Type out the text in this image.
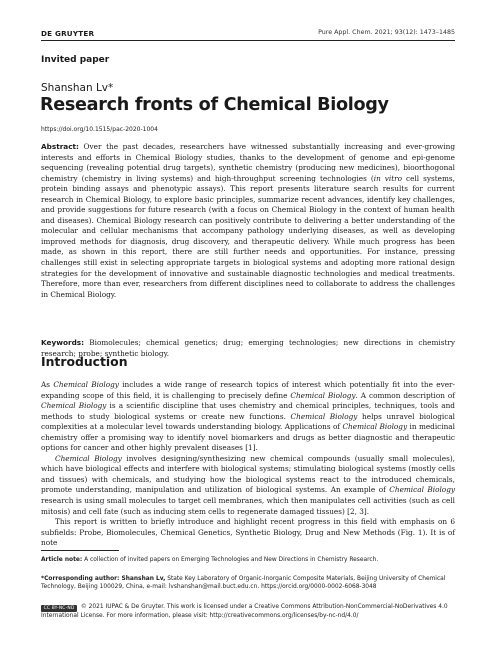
DE GRUYTER	Pure Appl. Chem. 2021; 93(12): 1473–1485
Invited paper
Shanshan Lv*
Research fronts of Chemical Biology
https://doi.org/10.1515/pac-2020-1004
Abstract: Over the past decades, researchers have witnessed substantially increasing and ever-growing interests and efforts in Chemical Biology studies, thanks to the development of genome and epi-genome sequencing (revealing potential drug targets), synthetic chemistry (producing new medicines), bioorthogonal chemistry (chemistry in living systems) and high-throughput screening technologies (in vitro cell systems, protein binding assays and phenotypic assays). This report presents literature search results for current research in Chemical Biology, to explore basic principles, summarize recent advances, identify key challenges, and provide suggestions for future research (with a focus on Chemical Biology in the context of human health and diseases). Chemical Biology research can positively contribute to delivering a better understanding of the molecular and cellular mechanisms that accompany pathology underlying diseases, as well as developing improved methods for diagnosis, drug discovery, and therapeutic delivery. While much progress has been made, as shown in this report, there are still further needs and opportunities. For instance, pressing challenges still exist in selecting appropriate targets in biological systems and adopting more rational design strategies for the development of innovative and sustainable diagnostic technologies and medical treatments. Therefore, more than ever, researchers from different disciplines need to collaborate to address the challenges in Chemical Biology.
Keywords: Biomolecules; chemical genetics; drug; emerging technologies; new directions in chemistry research; probe; synthetic biology.
Introduction

As Chemical Biology includes a wide range of research topics of interest which potentially fit into the ever-expanding scope of this field, it is challenging to precisely define Chemical Biology. A common description of Chemical Biology is a scientific discipline that uses chemistry and chemical principles, techniques, tools and methods to study biological systems or create new functions. Chemical Biology helps unravel biological complexities at a molecular level towards understanding biology. Applications of Chemical Biology in medicinal chemistry offer a promising way to identify novel biomarkers and drugs as better diagnostic and therapeutic options for cancer and other highly prevalent diseases [1].

Chemical Biology involves designing/synthesizing new chemical compounds (usually small molecules), which have biological effects and interfere with biological systems; stimulating biological systems (mostly cells and tissues) with chemicals, and studying how the biological systems react to the introduced chemicals, promote understanding, manipulation and utilization of biological systems. An example of Chemical Biology research is using small molecules to target cell membranes, which then manipulates cell activities (such as cell mitosis) and cell fate (such as inducing stem cells to regenerate damaged tissues) [2, 3].

This report is written to briefly introduce and highlight recent progress in this field with emphasis on 6 subfields: Probe, Biomolecules, Chemical Genetics, Synthetic Biology, Drug and New Methods (Fig. 1). It is of note

Article note: A collection of invited papers on Emerging Technologies and New Directions in Chemistry Research.
*Corresponding author: Shanshan Lv, State Key Laboratory of Organic-Inorganic Composite Materials, Beijing University of Chemical Technology, Beijing 100029, China, e-mail: lvshanshan@mail.buct.edu.cn. https://orcid.org/0000-0002-6068-3048
CC BY-NC-ND © 2021 IUPAC & De Gruyter. This work is licensed under a Creative Commons Attribution-NonCommercial-NoDerivatives 4.0 International License. For more information, please visit: http://creativecommons.org/licenses/by-nc-nd/4.0/
